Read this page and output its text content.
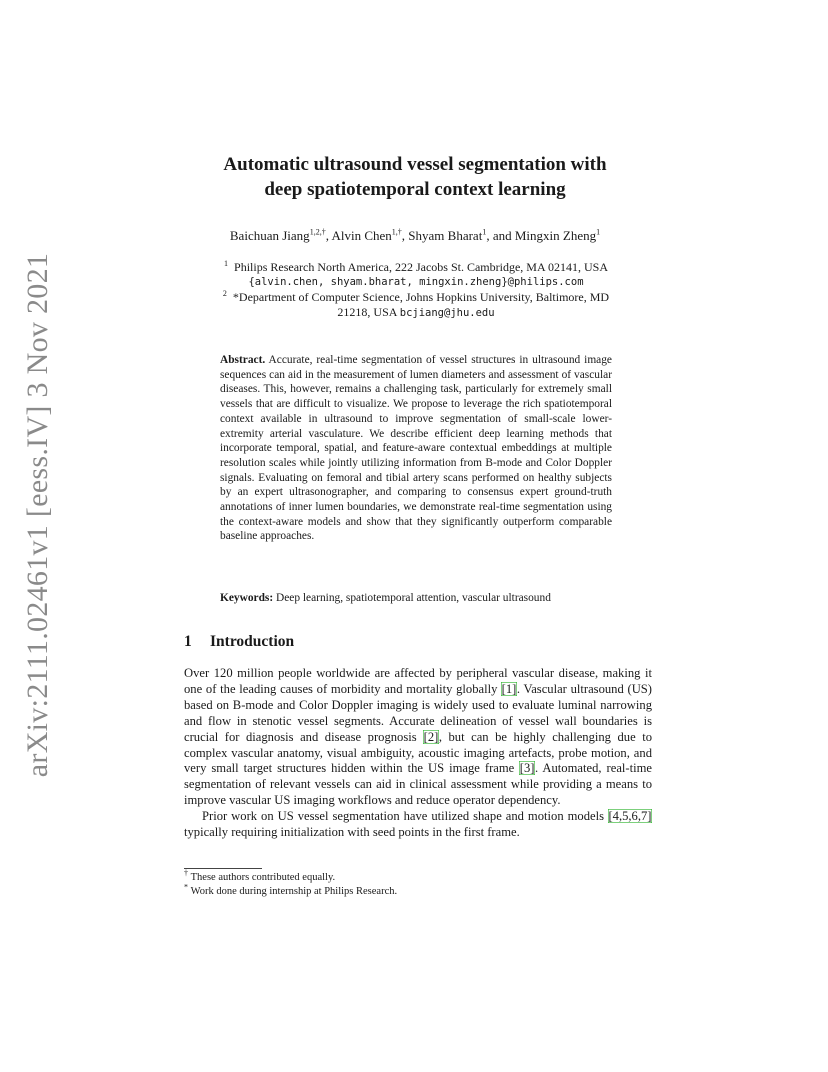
arXiv:2111.02461v1 [eess.IV] 3 Nov 2021
Automatic ultrasound vessel segmentation with
deep spatiotemporal context learning
Baichuan Jiang$^{1,2,\dagger}$, Alvin Chen$^{1,\dagger}$, Shyam Bharat$^1$, and Mingxin Zheng$^1$
$^1$ Philips Research North America, 222 Jacobs St. Cambridge, MA 02141, USA
{alvin.chen, shyam.bharat, mingxin.zheng}@philips.com
$^2$ *Department of Computer Science, Johns Hopkins University, Baltimore, MD
21218, USA bcjiang@jhu.edu
Abstract. Accurate, real-time segmentation of vessel structures in ultrasound image sequences can aid in the measurement of lumen diameters and assessment of vascular diseases. This, however, remains a challenging task, particularly for extremely small vessels that are difficult to visualize. We propose to leverage the rich spatiotemporal context available in ultrasound to improve segmentation of small-scale lower-extremity arterial vasculature. We describe efficient deep learning methods that incorporate temporal, spatial, and feature-aware contextual embeddings at multiple resolution scales while jointly utilizing information from B-mode and Color Doppler signals. Evaluating on femoral and tibial artery scans performed on healthy subjects by an expert ultrasonographer, and comparing to consensus expert ground-truth annotations of inner lumen boundaries, we demonstrate real-time segmentation using the context-aware models and show that they significantly outperform comparable baseline approaches.
Keywords: Deep learning, spatiotemporal attention, vascular ultrasound
1 Introduction

Over 120 million people worldwide are affected by peripheral vascular disease, making it one of the leading causes of morbidity and mortality globally [1]. Vascular ultrasound (US) based on B-mode and Color Doppler imaging is widely used to evaluate luminal narrowing and flow in stenotic vessel segments. Accurate delineation of vessel wall boundaries is crucial for diagnosis and disease prognosis [2], but can be highly challenging due to complex vascular anatomy, visual ambiguity, acoustic imaging artefacts, probe motion, and very small target structures hidden within the US image frame [3]. Automated, real-time segmentation of relevant vessels can aid in clinical assessment while providing a means to improve vascular US imaging workflows and reduce operator dependency.

Prior work on US vessel segmentation have utilized shape and motion models [4,5,6,7] typically requiring initialization with seed points in the first frame.

† These authors contributed equally.
* Work done during internship at Philips Research.
